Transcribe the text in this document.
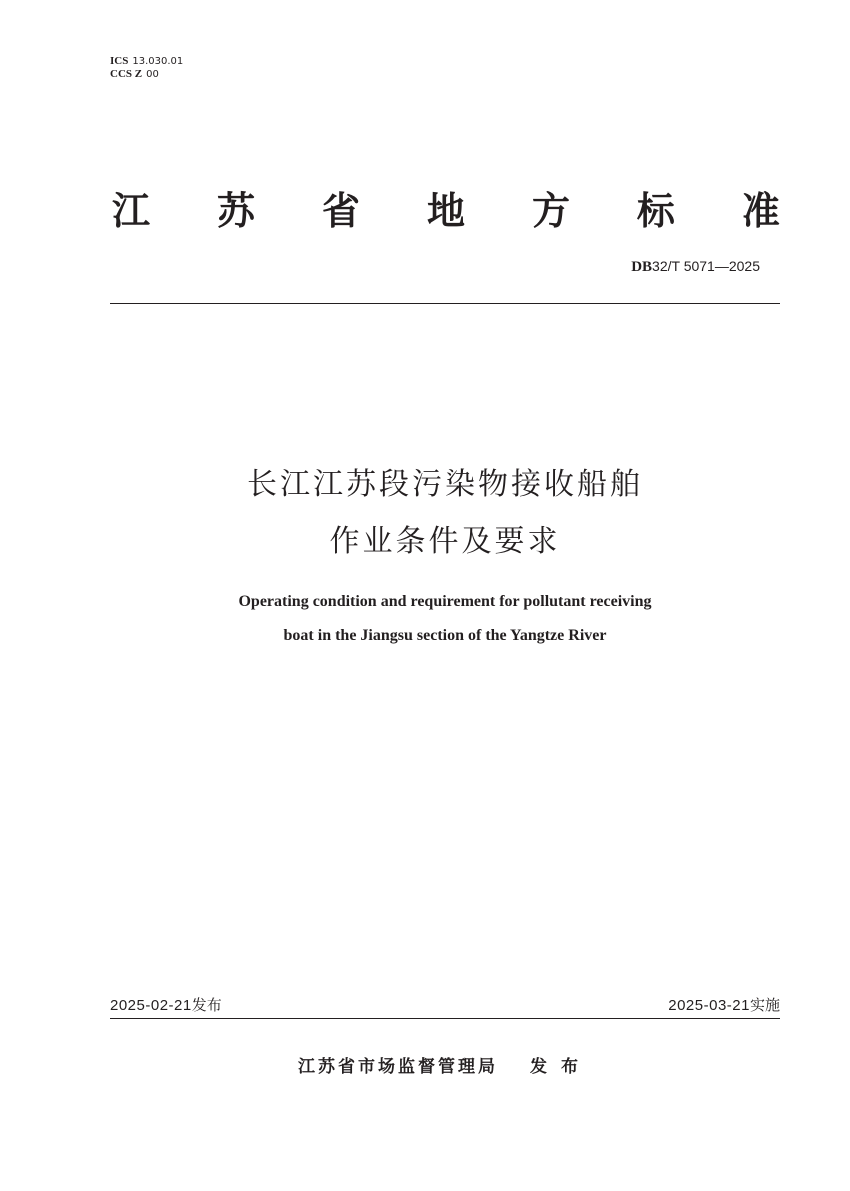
ICS 13.030.01
CCS Z 00
江 苏 省 地 方 标 准
DB32/T 5071—2025
长江江苏段污染物接收船舶
作业条件及要求
Operating condition and requirement for pollutant receiving
boat in the Jiangsu section of the Yangtze River
2025-02-21发布	2025-03-21实施
江苏省市场监督管理局 发布
